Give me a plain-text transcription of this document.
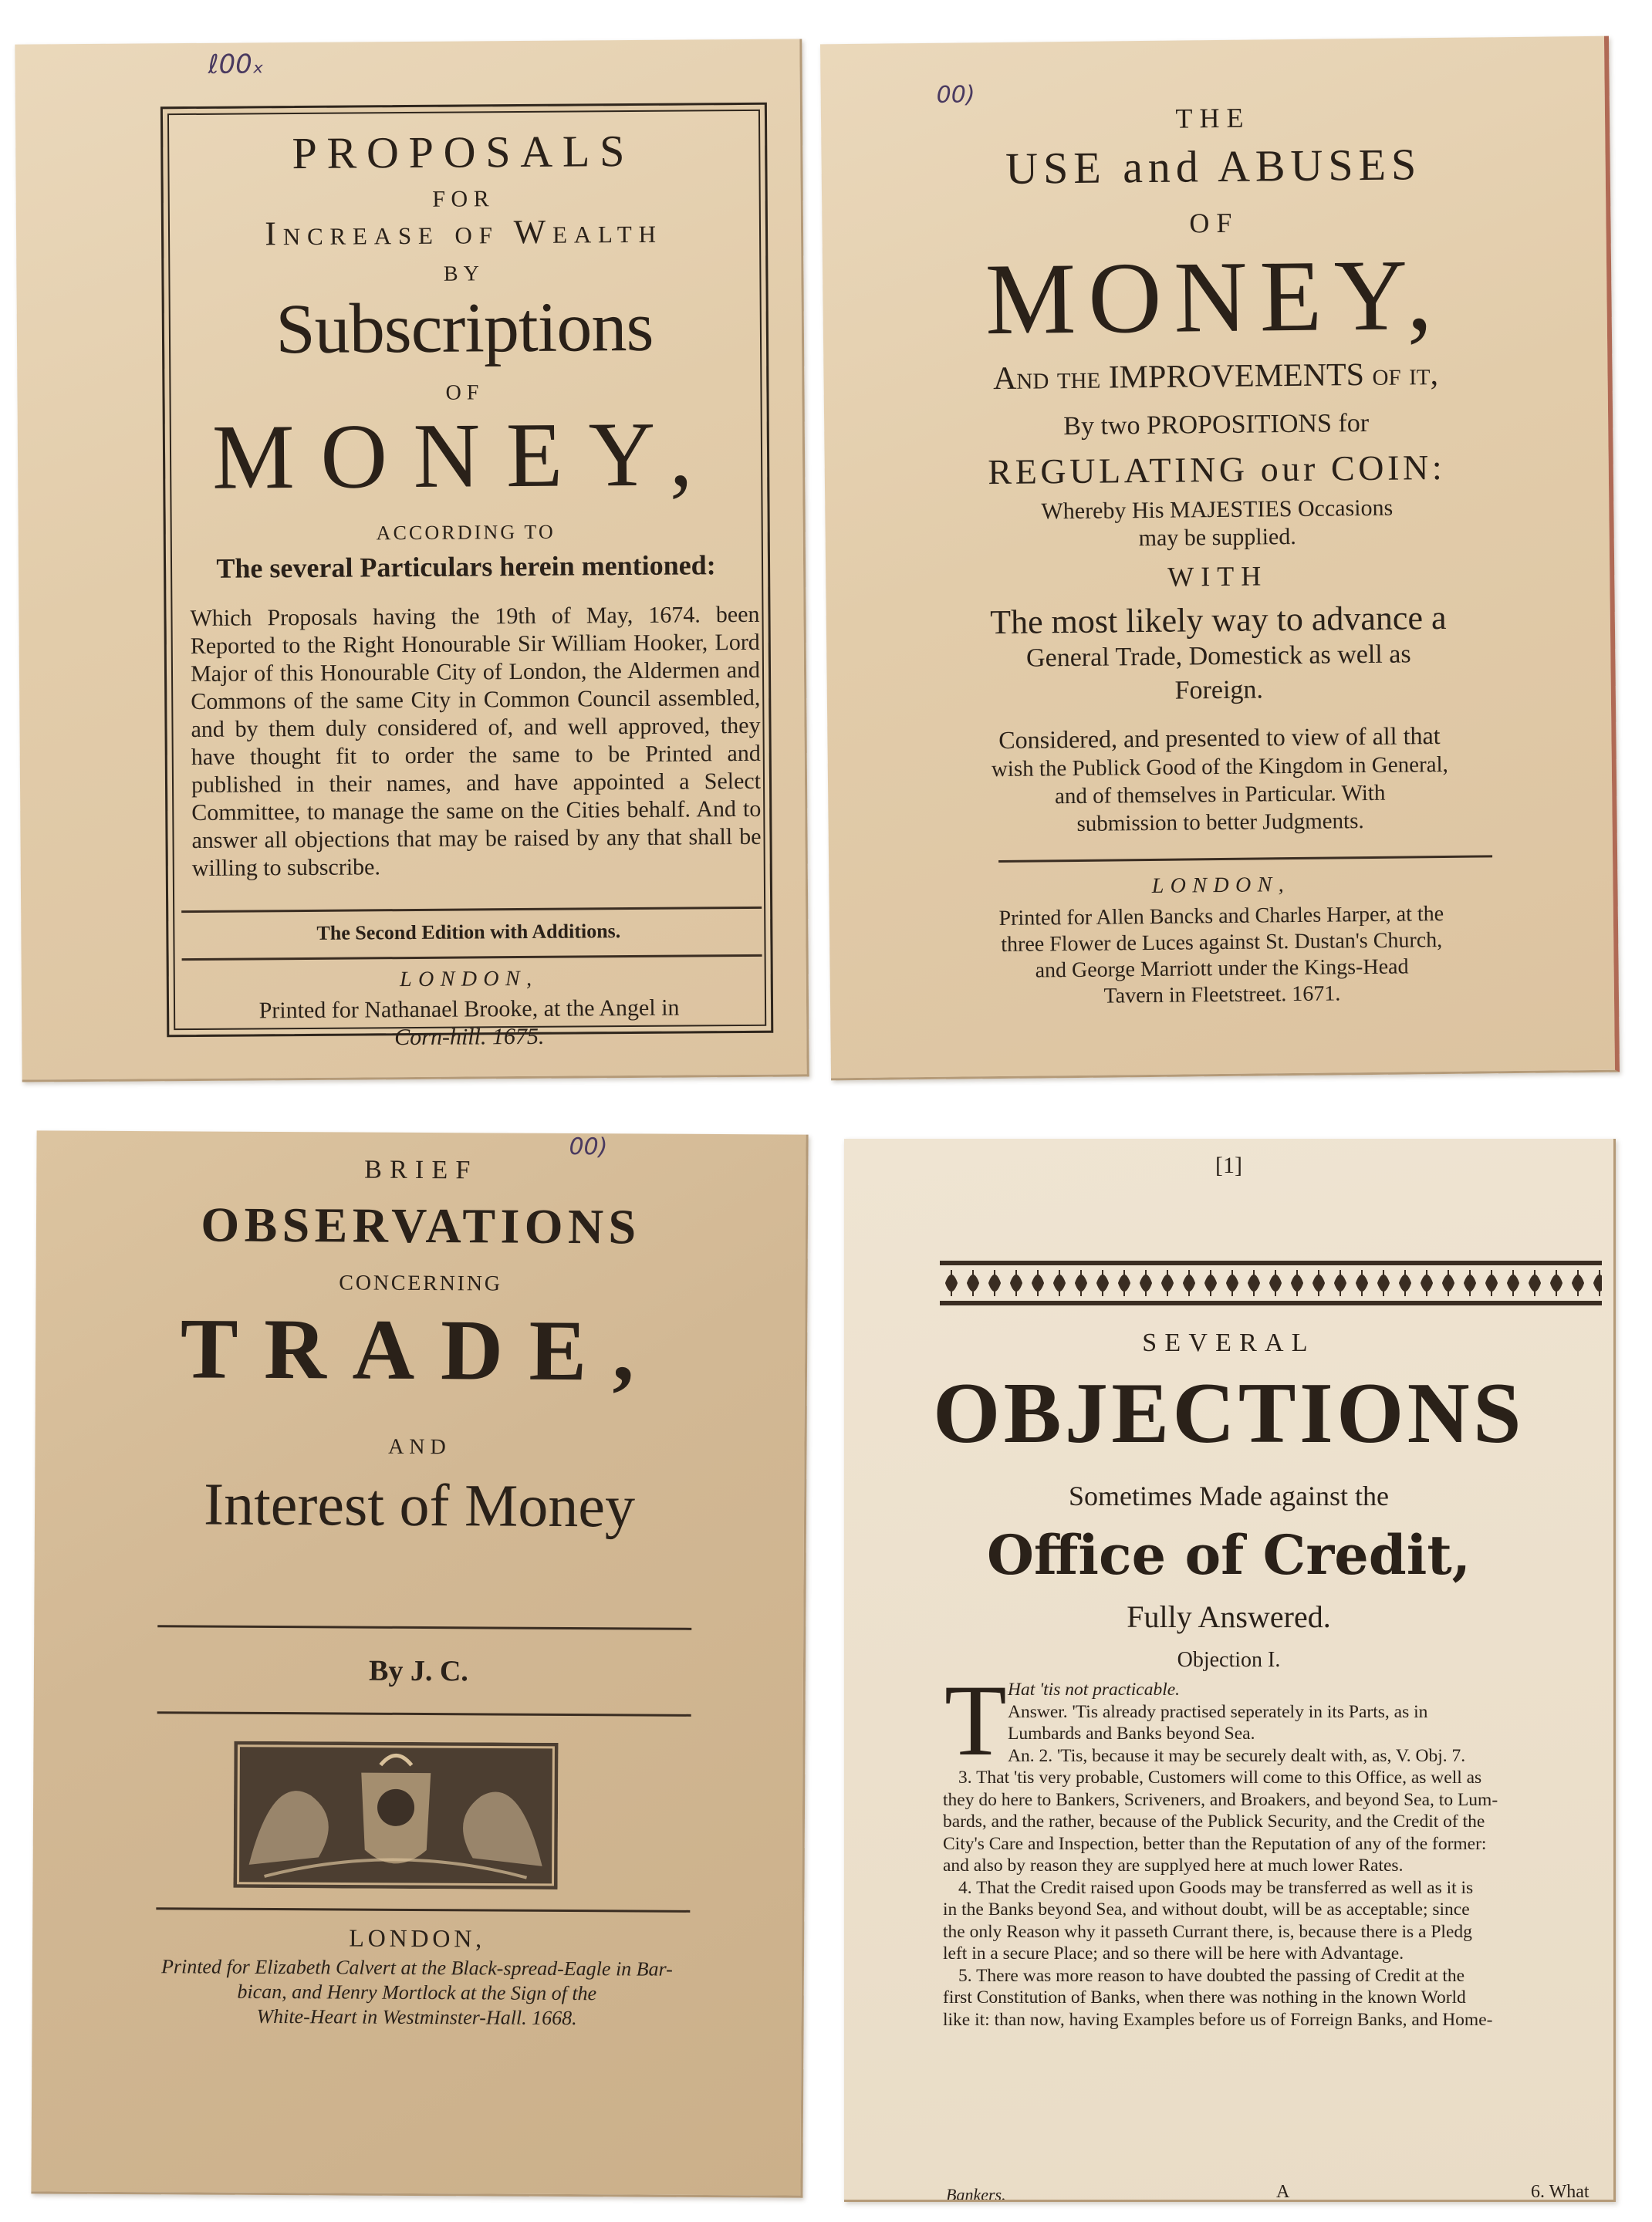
ℓ00ₓ
PROPOSALS
FOR
Increase of Wealth
BY
Subscriptions
OF
MONEY,
ACCORDING TO
The several Particulars herein mentioned:
Which Proposals having the 19th of May, 1674. been Reported to the Right Honourable Sir William Hooker, Lord Major of this Honourable City of London, the Aldermen and Commons of the same City in Common Council assembled, and by them duly considered of, and well approved, they have thought fit to order the same to be Printed and published in their names, and have appointed a Select Committee, to manage the same on the Cities behalf. And to answer all objections that may be raised by any that shall be willing to subscribe.
The Second Edition with Additions.
LONDON,
Printed for Nathanael Brooke, at the Angel in
Corn-hill. 1675.
00)
THE
USE and ABUSES
OF
MONEY,
And the IMPROVEMENTS of it,
By two PROPOSITIONS for
REGULATING our COIN:
Whereby His MAJESTIES Occasions
may be supplied.
WITH
The most likely way to advance a
General Trade, Domestick as well as
Foreign.
Considered, and presented to view of all that
wish the Publick Good of the Kingdom in General,
and of themselves in Particular. With
submission to better Judgments.
LONDON,
Printed for Allen Bancks and Charles Harper, at the
three Flower de Luces against St. Dustan's Church,
and George Marriott under the Kings-Head
Tavern in Fleetstreet. 1671.
00)
BRIEF
OBSERVATIONS
CONCERNING
TRADE,
AND
Interest of Money
By J. C.
LONDON,
Printed for Elizabeth Calvert at the Black-spread-Eagle in Bar-
bican, and Henry Mortlock at the Sign of the
White-Heart in Westminster-Hall. 1668.
[1]
SEVERAL
OBJECTIONS
Sometimes Made against the
Office of Credit,
Fully Answered.
Objection I.
T Hat 'tis not practicable.

Answer. 'Tis already practised seperately in its Parts, as in

Lumbards and Banks beyond Sea.

An. 2. 'Tis, because it may be securely dealt with, as, V. Obj. 7.

3. That 'tis very probable, Customers will come to this Office, as well as

they do here to Bankers, Scriveners, and Broakers, and beyond Sea, to Lum-

bards, and the rather, because of the Publick Security, and the Credit of the

City's Care and Inspection, better than the Reputation of any of the former:

and also by reason they are supplyed here at much lower Rates.

4. That the Credit raised upon Goods may be transferred as well as it is

in the Banks beyond Sea, and without doubt, will be as acceptable; since

the only Reason why it passeth Currant there, is, because there is a Pledg

left in a secure Place; and so there will be here with Advantage.

5. There was more reason to have doubted the passing of Credit at the

first Constitution of Banks, when there was nothing in the known World

like it: than now, having Examples before us of Forreign Banks, and Home-

Bankers.	A	6. What
